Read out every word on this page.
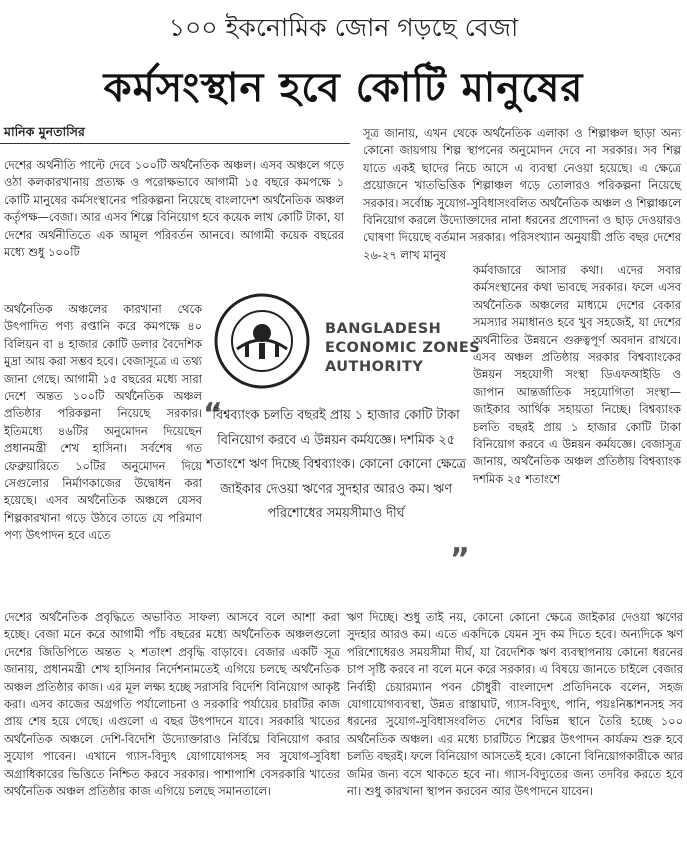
১০০ ইকনোমিক জোন গড়ছে বেজা
কর্মসংস্থান হবে কোটি মানুষের
মানিক মুনতাসির

দেশের অর্থনীতি পাল্টে দেবে ১০০টি অর্থনৈতিক অঞ্চল। এসব অঞ্চলে গড়ে ওঠা কলকারখানায় প্রত্যক্ষ ও পরোক্ষভাবে আগামী ১৫ বছরে কমপক্ষে ১ কোটি মানুষের কর্মসংস্থানের পরিকল্পনা নিয়েছে বাংলাদেশ অর্থনৈতিক অঞ্চল কর্তৃপক্ষ—বেজা। আর এসব শিল্পে বিনিয়োগ হবে কয়েক লাখ কোটি টাকা, যা দেশের অর্থনীতিতে এক আমূল পরিবর্তন আনবে। আগামী কয়েক বছরের মধ্যে শুধু ১০০টি

অর্থনৈতিক অঞ্চলের কারখানা থেকে উৎপাদিত পণ্য রপ্তানি করে কমপক্ষে ৪০ বিলিয়ন বা ৪ হাজার কোটি ডলার বৈদেশিক মুদ্রা আয় করা সম্ভব হবে। বেজাসূত্রে এ তথ্য জানা গেছে। আগামী ১৫ বছরের মধ্যে সারা দেশে অন্তত ১০০টি অর্থনৈতিক অঞ্চল প্রতিষ্ঠার পরিকল্পনা নিয়েছে সরকার। ইতিমধ্যে ৪৬টির অনুমোদন দিয়েছেন প্রধানমন্ত্রী শেখ হাসিনা। সর্বশেষ গত ফেব্রুয়ারিতে ১০টির অনুমোদন দিয়ে সেগুলোর নির্মাণকাজের উদ্বোধন করা হয়েছে। এসব অর্থনৈতিক অঞ্চলে যেসব শিল্পকারখানা গড়ে উঠবে তাতে যে পরিমাণ পণ্য উৎপাদন হবে এতে

সূত্র জানায়, এখন থেকে অর্থনৈতিক এলাকা ও শিল্পাঞ্চল ছাড়া অন্য কোনো জায়গায় শিল্প স্থাপনের অনুমোদন দেবে না সরকার। সব শিল্প যাতে একই ছাদের নিচে আসে এ ব্যবস্থা নেওয়া হয়েছে। এ ক্ষেত্রে প্রয়োজনে খাতভিত্তিক শিল্পাঞ্চল গড়ে তোলারও পরিকল্পনা নিয়েছে সরকার। সর্বোচ্চ সুযোগ-সুবিধাসংবলিত অর্থনৈতিক অঞ্চল ও শিল্পাঞ্চলে বিনিয়োগ করলে উদ্যোক্তাদের নানা ধরনের প্রণোদনা ও ছাড় দেওয়ারও ঘোষণা দিয়েছে বর্তমান সরকার। পরিসংখ্যান অনুযায়ী প্রতি বছর দেশের ২৬-২৭ লাখ মানুষ

কর্মবাজারে আসার কথা। এদের সবার কর্মসংস্থানের কথা ভাবছে সরকার। ফলে এসব অর্থনৈতিক অঞ্চলের মাধ্যমে দেশের বেকার সমস্যার সমাধানও হবে খুব সহজেই, যা দেশের অর্থনীতির উন্নয়নে গুরুত্বপূর্ণ অবদান রাখবে। এসব অঞ্চল প্রতিষ্ঠায় সরকার বিশ্বব্যাংকের উন্নয়ন সহযোগী সংস্থা ডিএফআইডি ও জাপান আন্তর্জাতিক সহযোগিতা সংস্থা—জাইকার আর্থিক সহায়তা নিচ্ছে। বিশ্বব্যাংক চলতি বছরই প্রায় ১ হাজার কোটি টাকা বিনিয়োগ করবে এ উন্নয়ন কর্মযজ্ঞে। বেজাসূত্র জানায়, অর্থনৈতিক অঞ্চল প্রতিষ্ঠায় বিশ্বব্যাংক দশমিক ২৫ শতাংশে

BANGLADESH
ECONOMIC ZONES
AUTHORITY
“
বিশ্বব্যাংক চলতি বছরই প্রায় ১ হাজার কোটি টাকা বিনিয়োগ করবে এ উন্নয়ন কর্মযজ্ঞে। দশমিক ২৫ শতাংশে ঋণ দিচ্ছে বিশ্বব্যাংক। কোনো কোনো ক্ষেত্রে জাইকার দেওয়া ঋণের সুদহার আরও কম। ঋণ পরিশোধের সময়সীমাও দীর্ঘ
”

দেশের অর্থনৈতিক প্রবৃদ্ধিতে অভাবিত সাফল্য আসবে বলে আশা করা হচ্ছে। বেজা মনে করে আগামী পাঁচ বছরের মধ্যে অর্থনৈতিক অঞ্চলগুলো দেশের জিডিপিতে অন্তত ২ শতাংশ প্রবৃদ্ধি বাড়াবে। বেজার একটি সূত্র জানায়, প্রধানমন্ত্রী শেখ হাসিনার নির্দেশনামতেই এগিয়ে চলছে অর্থনৈতিক অঞ্চল প্রতিষ্ঠার কাজ। এর মূল লক্ষ্য হচ্ছে সরাসরি বিদেশি বিনিয়োগ আকৃষ্ট করা। এসব কাজের অগ্রগতি পর্যালোচনা ও সরকারি পর্যায়ের চারটির কাজ প্রায় শেষ হয়ে গেছে। এগুলো এ বছর উৎপাদনে যাবে। সরকারি খাতের অর্থনৈতিক অঞ্চলে দেশি-বিদেশি উদ্যোক্তারাও নির্বিঘ্নে বিনিয়োগ করার সুযোগ পাবেন। এখানে গ্যাস-বিদ্যুৎ যোগাযোগসহ সব সুযোগ-সুবিধা অগ্রাধিকারের ভিত্তিতে নিশ্চিত করবে সরকার। পাশাপাশি বেসরকারি খাতের অর্থনৈতিক অঞ্চল প্রতিষ্ঠার কাজ এগিয়ে চলছে সমানতালে।

ঋণ দিচ্ছে। শুধু তাই নয়, কোনো কোনো ক্ষেত্রে জাইকার দেওয়া ঋণের সুদহার আরও কম। এতে একদিকে যেমন সুদ কম দিতে হবে। অন্যদিকে ঋণ পরিশোধেরও সময়সীমা দীর্ঘ, যা বৈদেশিক ঋণ ব্যবস্থাপনায় কোনো ধরনের চাপ সৃষ্টি করবে না বলে মনে করে সরকার। এ বিষয়ে জানতে চাইলে বেজার নির্বাহী চেয়ারম্যান পবন চৌধুরী বাংলাদেশ প্রতিদিনকে বলেন, সহজ যোগাযোগব্যবস্থা, উন্নত রাস্তাঘাট, গ্যাস-বিদ্যুৎ, পানি, পয়ঃনিষ্কাশনসহ সব ধরনের সুযোগ-সুবিধাসংবলিত দেশের বিভিন্ন স্থানে তৈরি হচ্ছে ১০০ অর্থনৈতিক অঞ্চল। এর মধ্যে চারটিতে শিল্পের উৎপাদন কার্যক্রম শুরু হবে চলতি বছরই। ফলে বিনিয়োগ আসতেই হবে। কোনো বিনিয়োগকারীকে আর জমির জন্য বসে থাকতে হবে না। গ্যাস-বিদ্যুতের জন্য তদবির করতে হবে না। শুধু কারখানা স্থাপন করবেন আর উৎপাদনে যাবেন।
